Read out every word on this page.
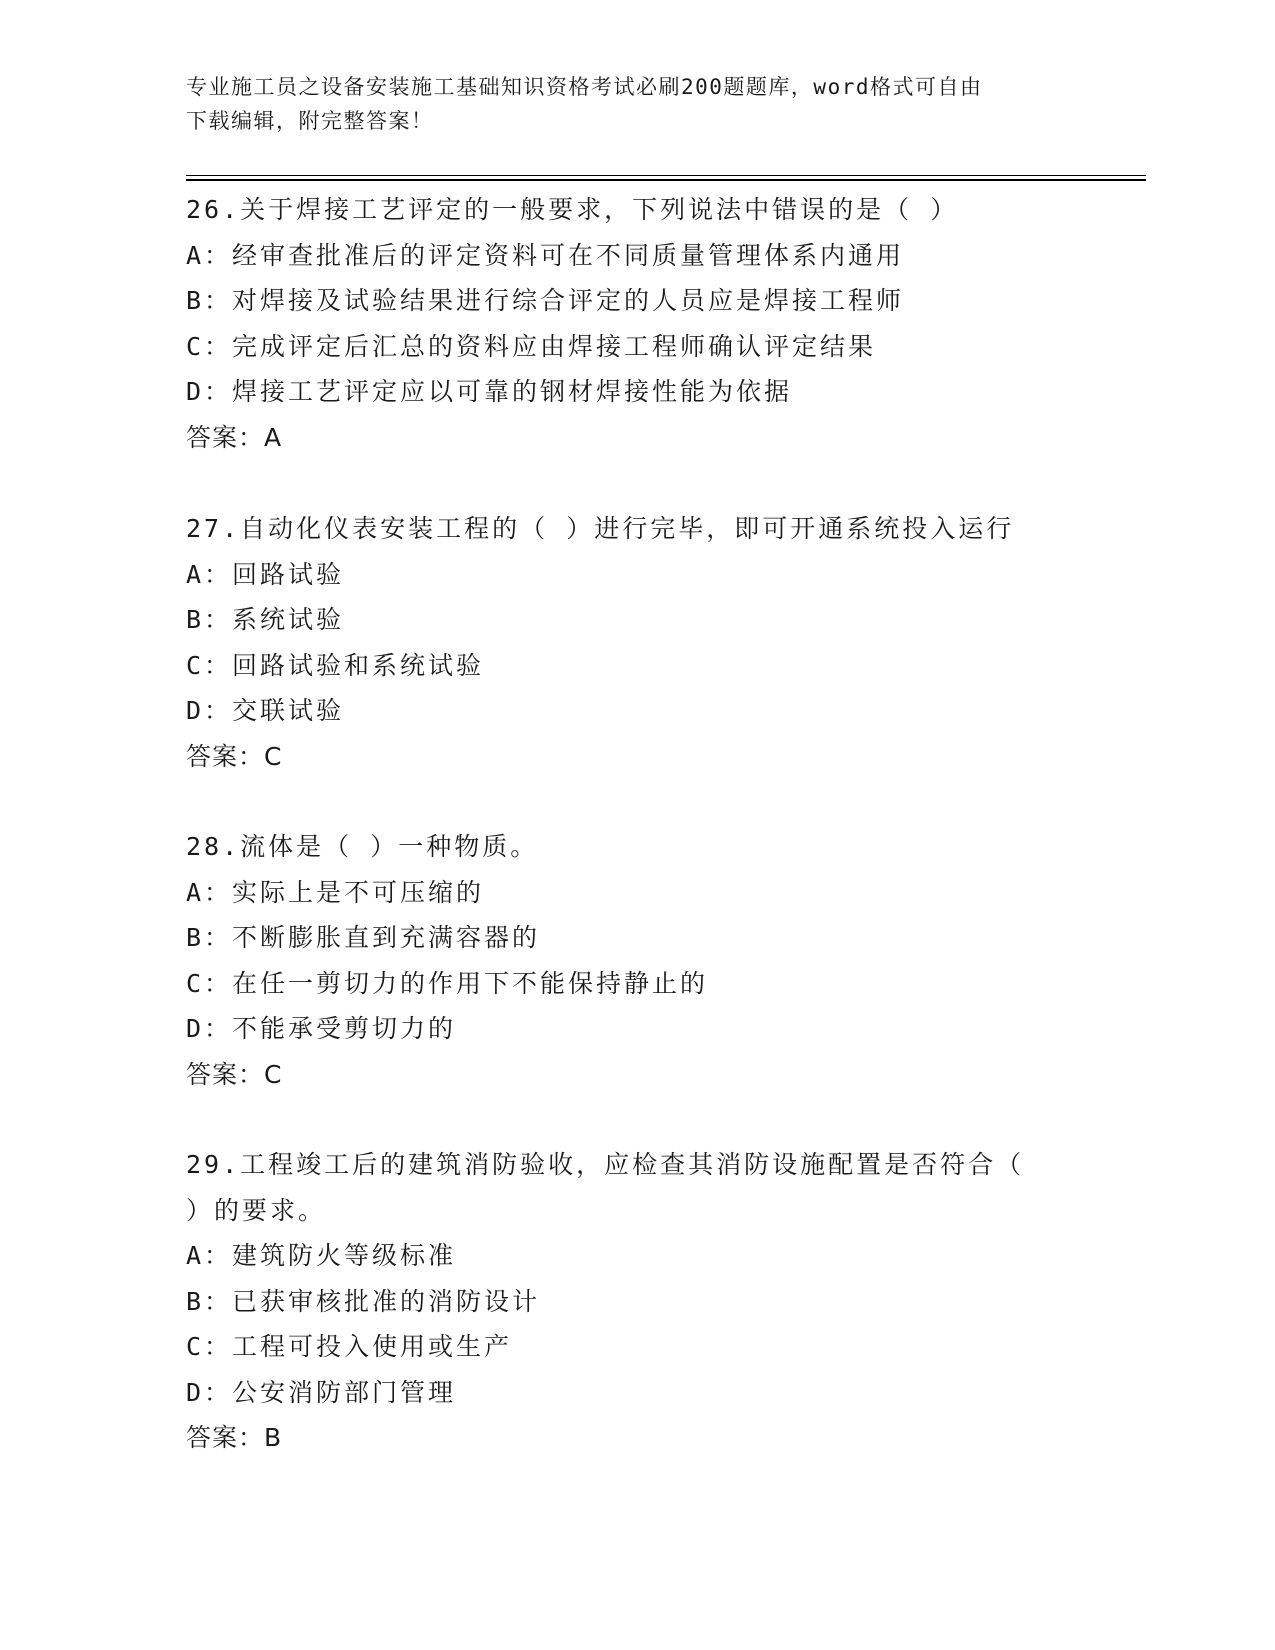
专业施工员之设备安装施工基础知识资格考试必刷200题题库，word格式可自由
下载编辑，附完整答案！
26.关于焊接工艺评定的一般要求，下列说法中错误的是（ ）
A：经审查批准后的评定资料可在不同质量管理体系内通用
B：对焊接及试验结果进行综合评定的人员应是焊接工程师
C：完成评定后汇总的资料应由焊接工程师确认评定结果
D：焊接工艺评定应以可靠的钢材焊接性能为依据
答案：A
27.自动化仪表安装工程的（ ）进行完毕，即可开通系统投入运行
A：回路试验
B：系统试验
C：回路试验和系统试验
D：交联试验
答案：C
28.流体是（ ）一种物质。
A：实际上是不可压缩的
B：不断膨胀直到充满容器的
C：在任一剪切力的作用下不能保持静止的
D：不能承受剪切力的
答案：C
29.工程竣工后的建筑消防验收，应检查其消防设施配置是否符合（
）的要求。
A：建筑防火等级标准
B：已获审核批准的消防设计
C：工程可投入使用或生产
D：公安消防部门管理
答案：B
